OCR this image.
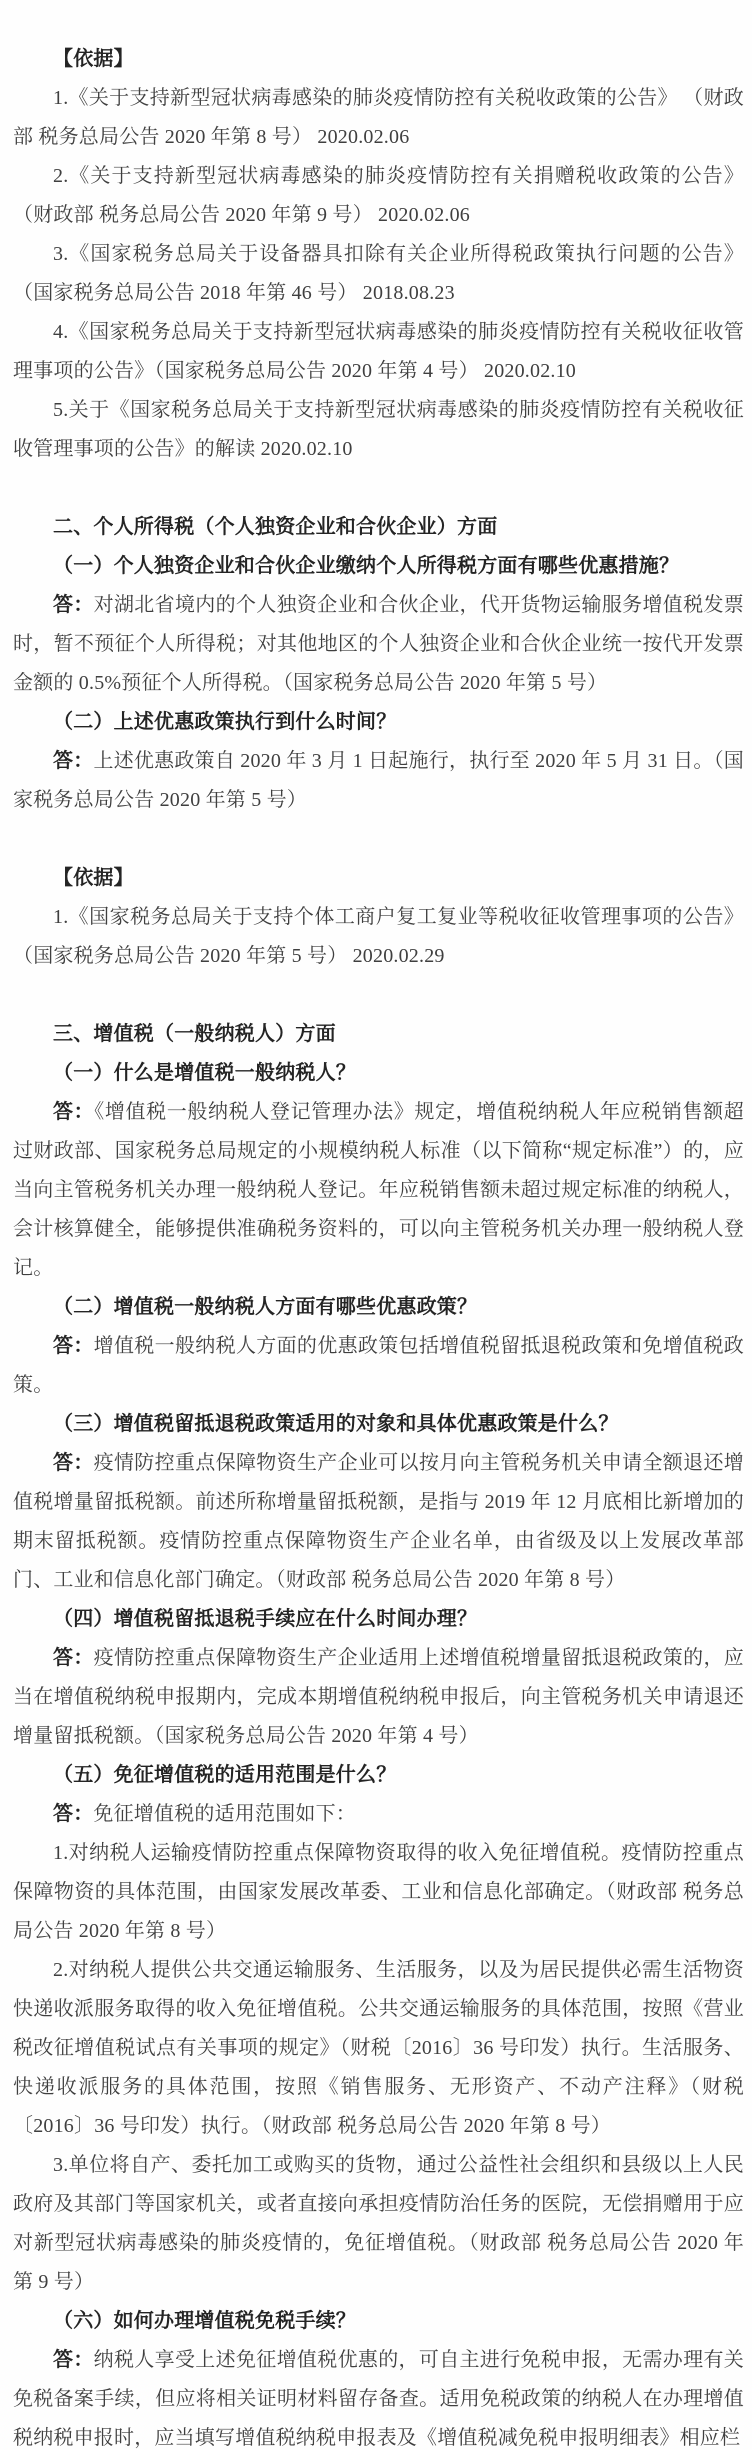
【依据】

1.《关于支持新型冠状病毒感染的肺炎疫情防控有关税收政策的公告》 （财政部 税务总局公告 2020 年第 8 号） 2020.02.06

2.《关于支持新型冠状病毒感染的肺炎疫情防控有关捐赠税收政策的公告》（财政部 税务总局公告 2020 年第 9 号） 2020.02.06

3.《国家税务总局关于设备器具扣除有关企业所得税政策执行问题的公告》（国家税务总局公告 2018 年第 46 号） 2018.08.23

4.《国家税务总局关于支持新型冠状病毒感染的肺炎疫情防控有关税收征收管理事项的公告》（国家税务总局公告 2020 年第 4 号） 2020.02.10

5.关于《国家税务总局关于支持新型冠状病毒感染的肺炎疫情防控有关税收征收管理事项的公告》的解读 2020.02.10

二、个人所得税（个人独资企业和合伙企业）方面

（一）个人独资企业和合伙企业缴纳个人所得税方面有哪些优惠措施？

答：对湖北省境内的个人独资企业和合伙企业，代开货物运输服务增值税发票时，暂不预征个人所得税；对其他地区的个人独资企业和合伙企业统一按代开发票金额的 0.5%预征个人所得税。（国家税务总局公告 2020 年第 5 号）

（二）上述优惠政策执行到什么时间？

答：上述优惠政策自 2020 年 3 月 1 日起施行，执行至 2020 年 5 月 31 日。（国家税务总局公告 2020 年第 5 号）

【依据】

1.《国家税务总局关于支持个体工商户复工复业等税收征收管理事项的公告》（国家税务总局公告 2020 年第 5 号） 2020.02.29

三、增值税（一般纳税人）方面

（一）什么是增值税一般纳税人？

答：《增值税一般纳税人登记管理办法》规定，增值税纳税人年应税销售额超过财政部、国家税务总局规定的小规模纳税人标准（以下简称“规定标准”）的，应当向主管税务机关办理一般纳税人登记。年应税销售额未超过规定标准的纳税人，会计核算健全，能够提供准确税务资料的，可以向主管税务机关办理一般纳税人登记。

（二）增值税一般纳税人方面有哪些优惠政策？

答：增值税一般纳税人方面的优惠政策包括增值税留抵退税政策和免增值税政策。

（三）增值税留抵退税政策适用的对象和具体优惠政策是什么？

答：疫情防控重点保障物资生产企业可以按月向主管税务机关申请全额退还增值税增量留抵税额。前述所称增量留抵税额，是指与 2019 年 12 月底相比新增加的期末留抵税额。疫情防控重点保障物资生产企业名单，由省级及以上发展改革部门、工业和信息化部门确定。（财政部 税务总局公告 2020 年第 8 号）

（四）增值税留抵退税手续应在什么时间办理？

答：疫情防控重点保障物资生产企业适用上述增值税增量留抵退税政策的，应当在增值税纳税申报期内，完成本期增值税纳税申报后，向主管税务机关申请退还增量留抵税额。（国家税务总局公告 2020 年第 4 号）

（五）免征增值税的适用范围是什么？

答：免征增值税的适用范围如下：

1.对纳税人运输疫情防控重点保障物资取得的收入免征增值税。疫情防控重点保障物资的具体范围，由国家发展改革委、工业和信息化部确定。（财政部 税务总局公告 2020 年第 8 号）

2.对纳税人提供公共交通运输服务、生活服务，以及为居民提供必需生活物资快递收派服务取得的收入免征增值税。公共交通运输服务的具体范围，按照《营业税改征增值税试点有关事项的规定》（财税〔2016〕36 号印发）执行。生活服务、快递收派服务的具体范围，按照《销售服务、无形资产、不动产注释》（财税〔2016〕36 号印发）执行。（财政部 税务总局公告 2020 年第 8 号）

3.单位将自产、委托加工或购买的货物，通过公益性社会组织和县级以上人民政府及其部门等国家机关，或者直接向承担疫情防治任务的医院，无偿捐赠用于应对新型冠状病毒感染的肺炎疫情的，免征增值税。（财政部 税务总局公告 2020 年第 9 号）

（六）如何办理增值税免税手续？

答：纳税人享受上述免征增值税优惠的，可自主进行免税申报，无需办理有关免税备案手续，但应将相关证明材料留存备查。适用免税政策的纳税人在办理增值税纳税申报时，应当填写增值税纳税申报表及《增值税减免税申报明细表》相应栏
